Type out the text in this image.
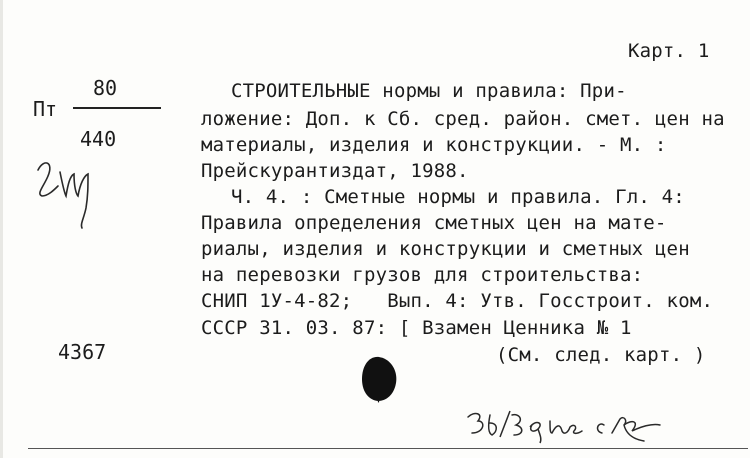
Карт. 1
80
Пт
440
4367
СТРОИТЕЛЬНЫЕ нормы и правила: При-
ложение: Доп. к Сб. сред. район. смет. цен на
материалы, изделия и конструкции. - М. :
Прейскурантиздат, 1988.
Ч. 4. : Сметные нормы и правила. Гл. 4:
Правила определения сметных цен на мате-
риалы, изделия и конструкции и сметных цен
на перевозки грузов для строительства:
СНИП 1У-4-82;   Вып. 4: Утв. Госстроит. ком.
СССР 31. 03. 87: [ Взамен Ценника № 1
(См. след. карт. )
